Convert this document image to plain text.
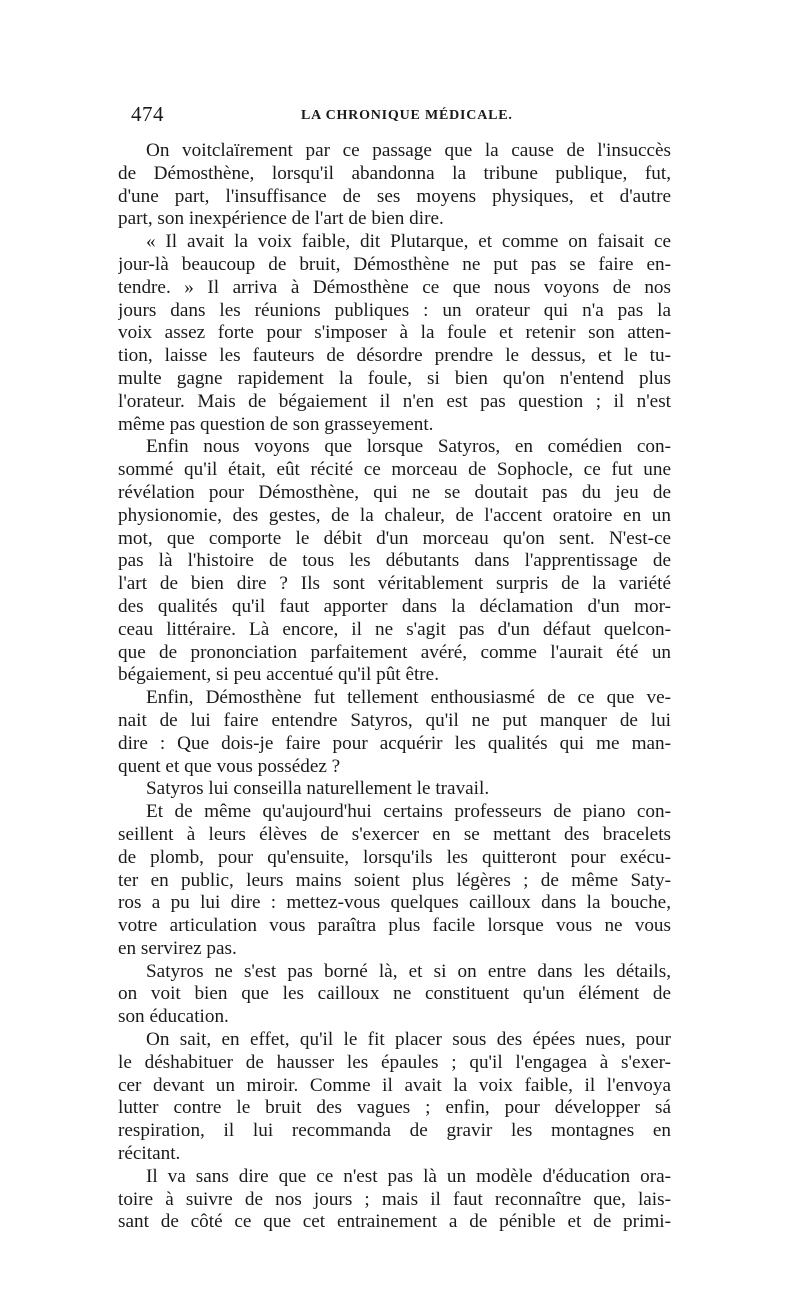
474	LA CHRONIQUE MÉDICALE.
On voitclaïrement par ce passage que la cause de l'insuccès
de Démosthène, lorsqu'il abandonna la tribune publique, fut,
d'une part, l'insuffisance de ses moyens physiques, et d'autre
part, son inexpérience de l'art de bien dire.
« Il avait la voix faible, dit Plutarque, et comme on faisait ce
jour-là beaucoup de bruit, Démosthène ne put pas se faire en-
tendre. » Il arriva à Démosthène ce que nous voyons de nos
jours dans les réunions publiques : un orateur qui n'a pas la
voix assez forte pour s'imposer à la foule et retenir son atten-
tion, laisse les fauteurs de désordre prendre le dessus, et le tu-
multe gagne rapidement la foule, si bien qu'on n'entend plus
l'orateur. Mais de bégaiement il n'en est pas question ; il n'est
même pas question de son grasseyement.
Enfin nous voyons que lorsque Satyros, en comédien con-
sommé qu'il était, eût récité ce morceau de Sophocle, ce fut une
révélation pour Démosthène, qui ne se doutait pas du jeu de
physionomie, des gestes, de la chaleur, de l'accent oratoire en un
mot, que comporte le débit d'un morceau qu'on sent. N'est-ce
pas là l'histoire de tous les débutants dans l'apprentissage de
l'art de bien dire ? Ils sont véritablement surpris de la variété
des qualités qu'il faut apporter dans la déclamation d'un mor-
ceau littéraire. Là encore, il ne s'agit pas d'un défaut quelcon-
que de prononciation parfaitement avéré, comme l'aurait été un
bégaiement, si peu accentué qu'il pût être.
Enfin, Démosthène fut tellement enthousiasmé de ce que ve-
nait de lui faire entendre Satyros, qu'il ne put manquer de lui
dire : Que dois-je faire pour acquérir les qualités qui me man-
quent et que vous possédez ?
Satyros lui conseilla naturellement le travail.
Et de même qu'aujourd'hui certains professeurs de piano con-
seillent à leurs élèves de s'exercer en se mettant des bracelets
de plomb, pour qu'ensuite, lorsqu'ils les quitteront pour exécu-
ter en public, leurs mains soient plus légères ; de même Saty-
ros a pu lui dire : mettez-vous quelques cailloux dans la bouche,
votre articulation vous paraîtra plus facile lorsque vous ne vous
en servirez pas.
Satyros ne s'est pas borné là, et si on entre dans les détails,
on voit bien que les cailloux ne constituent qu'un élément de
son éducation.
On sait, en effet, qu'il le fit placer sous des épées nues, pour
le déshabituer de hausser les épaules ; qu'il l'engagea à s'exer-
cer devant un miroir. Comme il avait la voix faible, il l'envoya
lutter contre le bruit des vagues ; enfin, pour développer sá
respiration, il lui recommanda de gravir les montagnes en
récitant.
Il va sans dire que ce n'est pas là un modèle d'éducation ora-
toire à suivre de nos jours ; mais il faut reconnaître que, lais-
sant de côté ce que cet entrainement a de pénible et de primi-
